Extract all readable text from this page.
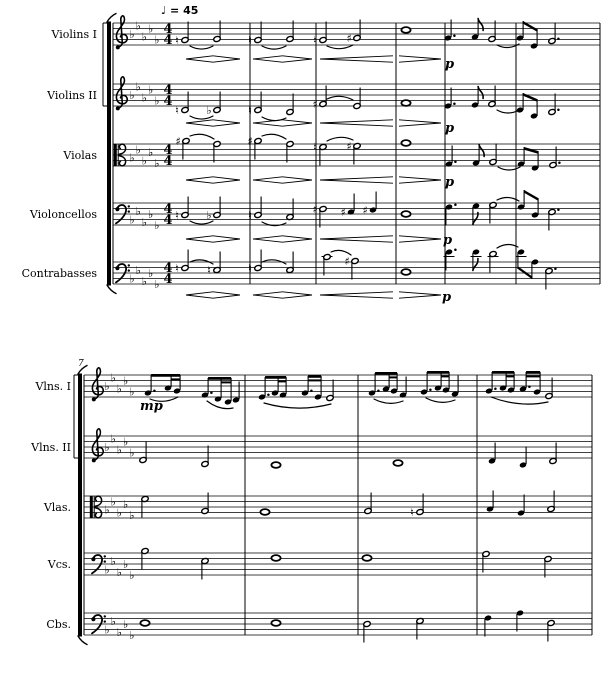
♭
♭
♭
♭
♭
4
4 ♮	♮	♮	♯
p
♭
♭
♭
♭
♭
4
4
♮ ♭	♮	♯
p
♭
♭
♭
♭
♭
4
4
♯	♯	♮	♯
p
♭
♭
♭
♭
♭
4
4 ♮ ♭	♮	♯ ♯ ♯
p
♭
♭
♭
♭
♭
4
4
♮	♮	♮
♯
p
♭
♭
♭
♭
♭
mp
♭
♭
♭
♭
♭
♭
♭
♭
♭
♭	♮
♭
♭
♭
♭
♭
♭
♭
♭
♭
♭
♩ = 45
7
Violins I
Violins II
Violas
Violoncellos
Contrabasses
Vlns. I
Vlns. II
Vlas.
Vcs.
Cbs.
